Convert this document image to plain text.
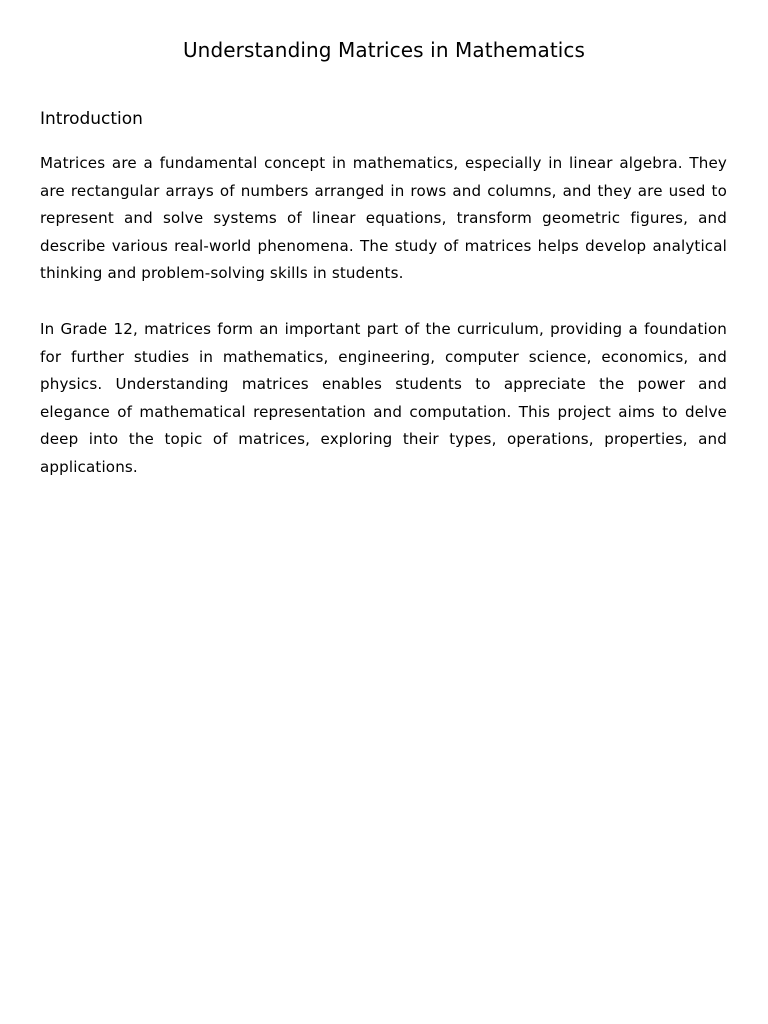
Understanding Matrices in Mathematics
Introduction

Matrices are a fundamental concept in mathematics, especially in linear algebra. They are rectangular arrays of numbers arranged in rows and columns, and they are used to represent and solve systems of linear equations, transform geometric figures, and describe various real-world phenomena. The study of matrices helps develop analytical thinking and problem-solving skills in students.

In Grade 12, matrices form an important part of the curriculum, providing a foundation for further studies in mathematics, engineering, computer science, economics, and physics. Understanding matrices enables students to appreciate the power and elegance of mathematical representation and computation. This project aims to delve deep into the topic of matrices, exploring their types, operations, properties, and applications.
